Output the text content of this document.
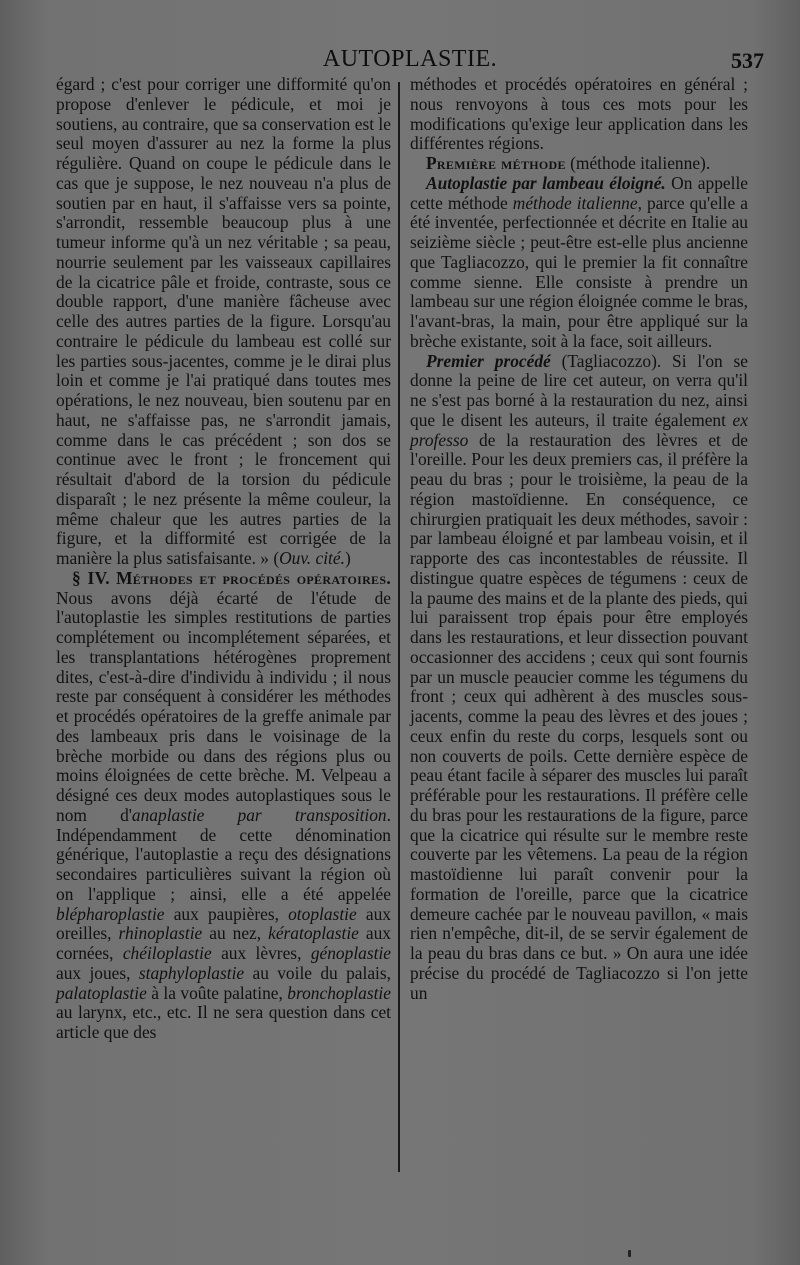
AUTOPLASTIE.	537

égard ; c'est pour corriger une difformité qu'on propose d'enlever le pédicule, et moi je soutiens, au contraire, que sa conservation est le seul moyen d'assurer au nez la forme la plus régulière. Quand on coupe le pédicule dans le cas que je suppose, le nez nouveau n'a plus de soutien par en haut, il s'affaisse vers sa pointe, s'arrondit, ressemble beaucoup plus à une tumeur informe qu'à un nez véritable ; sa peau, nourrie seulement par les vaisseaux capillaires de la cicatrice pâle et froide, contraste, sous ce double rapport, d'une manière fâcheuse avec celle des autres parties de la figure. Lorsqu'au contraire le pédicule du lambeau est collé sur les parties sous-jacentes, comme je le dirai plus loin et comme je l'ai pratiqué dans toutes mes opérations, le nez nouveau, bien soutenu par en haut, ne s'affaisse pas, ne s'arrondit jamais, comme dans le cas précédent ; son dos se continue avec le front ; le froncement qui résultait d'abord de la torsion du pédicule disparaît ; le nez présente la même couleur, la même chaleur que les autres parties de la figure, et la difformité est corrigée de la manière la plus satisfaisante. » (Ouv. cité.)

§ IV. Méthodes et procédés opératoires. Nous avons déjà écarté de l'étude de l'autoplastie les simples restitutions de parties complétement ou incomplétement séparées, et les transplantations hétérogènes proprement dites, c'est-à-dire d'individu à individu ; il nous reste par conséquent à considérer les méthodes et procédés opératoires de la greffe animale par des lambeaux pris dans le voisinage de la brèche morbide ou dans des régions plus ou moins éloignées de cette brèche. M. Velpeau a désigné ces deux modes autoplastiques sous le nom d'anaplastie par transposition. Indépendamment de cette dénomination générique, l'autoplastie a reçu des désignations secondaires particulières suivant la région où on l'applique ; ainsi, elle a été appelée blépharoplastie aux paupières, otoplastie aux oreilles, rhinoplastie au nez, kératoplastie aux cornées, chéiloplastie aux lèvres, génoplastie aux joues, staphyloplastie au voile du palais, palatoplastie à la voûte palatine, bronchoplastie au larynx, etc., etc. Il ne sera question dans cet article que des

méthodes et procédés opératoires en général ; nous renvoyons à tous ces mots pour les modifications qu'exige leur application dans les différentes régions.

Première méthode (méthode italienne).

Autoplastie par lambeau éloigné. On appelle cette méthode méthode italienne, parce qu'elle a été inventée, perfectionnée et décrite en Italie au seizième siècle ; peut-être est-elle plus ancienne que Tagliacozzo, qui le premier la fit connaître comme sienne. Elle consiste à prendre un lambeau sur une région éloignée comme le bras, l'avant-bras, la main, pour être appliqué sur la brèche existante, soit à la face, soit ailleurs.

Premier procédé (Tagliacozzo). Si l'on se donne la peine de lire cet auteur, on verra qu'il ne s'est pas borné à la restauration du nez, ainsi que le disent les auteurs, il traite également ex professo de la restauration des lèvres et de l'oreille. Pour les deux premiers cas, il préfère la peau du bras ; pour le troisième, la peau de la région mastoïdienne. En conséquence, ce chirurgien pratiquait les deux méthodes, savoir : par lambeau éloigné et par lambeau voisin, et il rapporte des cas incontestables de réussite. Il distingue quatre espèces de tégumens : ceux de la paume des mains et de la plante des pieds, qui lui paraissent trop épais pour être employés dans les restaurations, et leur dissection pouvant occasionner des accidens ; ceux qui sont fournis par un muscle peaucier comme les tégumens du front ; ceux qui adhèrent à des muscles sous-jacents, comme la peau des lèvres et des joues ; ceux enfin du reste du corps, lesquels sont ou non couverts de poils. Cette dernière espèce de peau étant facile à séparer des muscles lui paraît préférable pour les restaurations. Il préfère celle du bras pour les restaurations de la figure, parce que la cicatrice qui résulte sur le membre reste couverte par les vêtemens. La peau de la région mastoïdienne lui paraît convenir pour la formation de l'oreille, parce que la cicatrice demeure cachée par le nouveau pavillon, « mais rien n'empêche, dit-il, de se servir également de la peau du bras dans ce but. » On aura une idée précise du procédé de Tagliacozzo si l'on jette un
